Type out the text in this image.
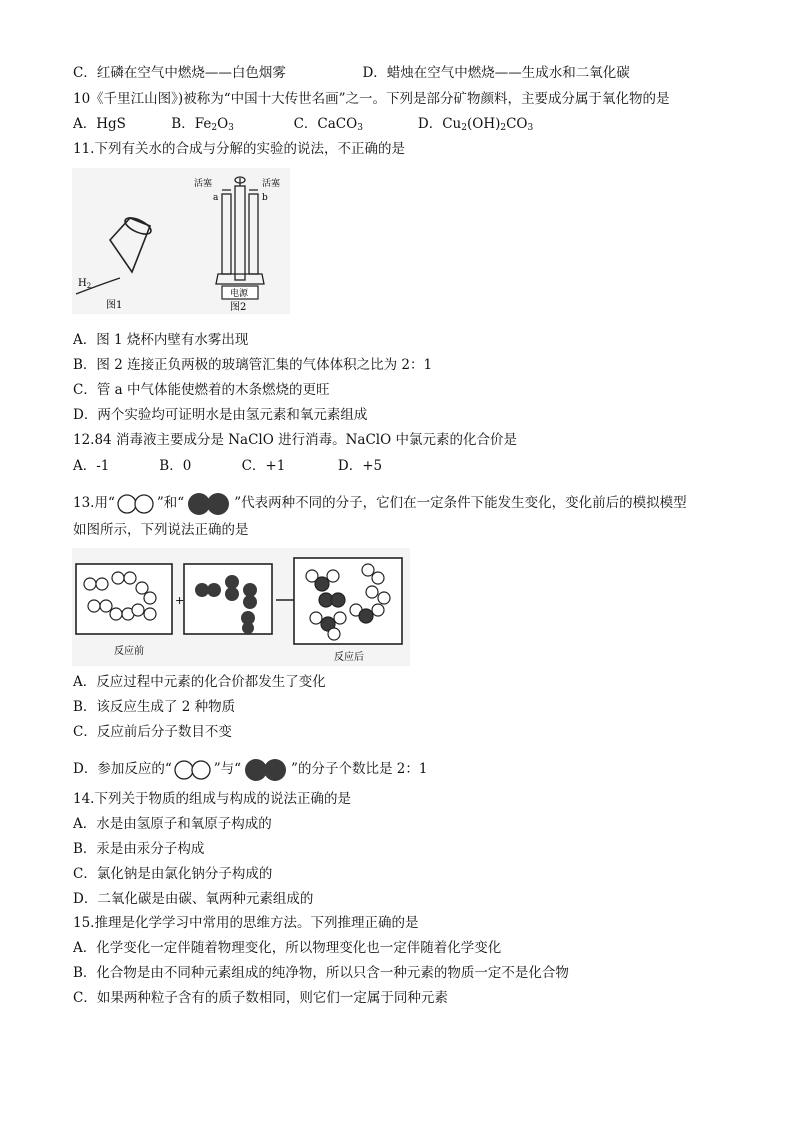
C．红磷在空气中燃烧——白色烟雾	D．蜡烛在空气中燃烧——生成水和二氧化碳
10《千里江山图》)被称为“中国十大传世名画”之一。下列是部分矿物颜料，主要成分属于氧化物的是
A．HgS	B．$Fe_2O_3$	C．CaCO$_3$	D．$Cu_2(OH)_2CO_3$
11.下列有关水的合成与分解的实验的说法，不正确的是
$H_2$
图1
电源
活塞	活塞
a	b
图2
A．图 1 烧杯内壁有水雾出现
B．图 2 连接正负两极的玻璃管汇集的气体体积之比为 2：1
C．管 a 中气体能使燃着的木条燃烧的更旺
D．两个实验均可证明水是由氢元素和氧元素组成
12.84 消毒液主要成分是 NaClO 进行消毒。NaClO 中氯元素的化合价是
A．-1	B．0	C．+1	D．+5
13.用“	”和“	”代表两种不同的分子，它们在一定条件下能发生变化，变化前后的模拟模型
如图所示，下列说法正确的是
+
反应前
反应后
A．反应过程中元素的化合价都发生了变化
B．该反应生成了 2 种物质
C．反应前后分子数目不变
D．参加反应的“	”与“	”的分子个数比是 2：1
14.下列关于物质的组成与构成的说法正确的是
A．水是由氢原子和氧原子构成的
B．汞是由汞分子构成
C．氯化钠是由氯化钠分子构成的
D．二氧化碳是由碳、氧两种元素组成的
15.推理是化学学习中常用的思维方法。下列推理正确的是
A．化学变化一定伴随着物理变化，所以物理变化也一定伴随着化学变化
B．化合物是由不同种元素组成的纯净物，所以只含一种元素的物质一定不是化合物
C．如果两种粒子含有的质子数相同，则它们一定属于同种元素
